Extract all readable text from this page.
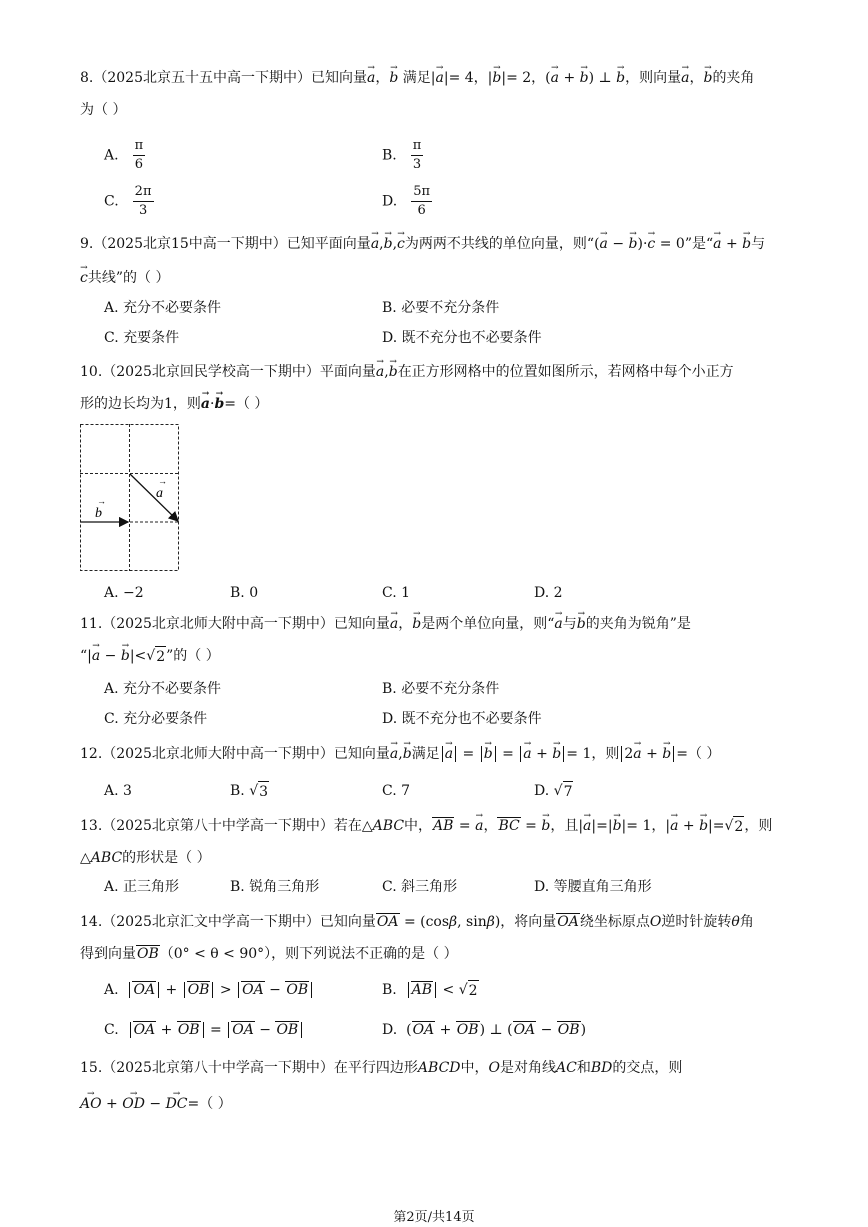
8.（2025北京五十五中高一下期中）已知向量→ a，→ b 满足|→ a|= 4，|→ b|= 2，(→ a + → b) ⊥ → b，则向量→ a，→ b的夹角
为（ ）
A. $\frac{\pi}{6}$	B. $\frac{\pi}{3}$
C. $\frac{2\pi}{3}$	D. $\frac{5\pi}{6}$
9.（2025北京15中高一下期中）已知平面向量→ a,→ b,→ c为两两不共线的单位向量，则“(→ a − → b)·→ c = 0”是“→ a + → b与
→ c共线”的（ ）
A. 充分不必要条件	B. 必要不充分条件
C. 充要条件	D. 既不充分也不必要条件
10.（2025北京回民学校高一下期中）平面向量→ a,→ b在正方形网格中的位置如图所示，若网格中每个小正方
形的边长均为1，则→ a·→ b=（ ）
b
→	a
→
A. −2	B. 0	C. 1	D. 2
11.（2025北京北师大附中高一下期中）已知向量→ a，→ b是两个单位向量，则“→ a与→ b的夹角为锐角”是
“|→ a − → b|<√ 2 ”的（ ）
A. 充分不必要条件	B. 必要不充分条件
C. 充分必要条件	D. 既不充分也不必要条件
12.（2025北京北师大附中高一下期中）已知向量→ a,→ b满足→ a = → b = → a + → b = 1，则 2→ a + → b =（ ）
A. 3	B. √ 3	C. 7	D. √ 7
13.（2025北京第八十中学高一下期中）若在△ABC中，AB = → a，BC = → b，且|→ a|=|→ b|= 1，|→ a + → b|=√ 2 ，则
△ABC的形状是（ ）
A. 正三角形	B. 锐角三角形	C. 斜三角形	D. 等腰直角三角形
14.（2025北京汇文中学高一下期中）已知向量OA = (cosβ, sinβ)，将向量OA绕坐标原点O逆时针旋转θ角
得到向量OB（0° < θ < 90°），则下列说法不正确的是（ ）
A. OA + OB > OA − OB	B. AB < √ 2
C. OA + OB = OA − OB	D.  (OA + OB) ⊥ (OA − OB)
15.（2025北京第八十中学高一下期中）在平行四边形ABCD中，O是对角线AC和BD的交点，则
→ AO + → OD − → DC=（ ）
第2页/共14页
